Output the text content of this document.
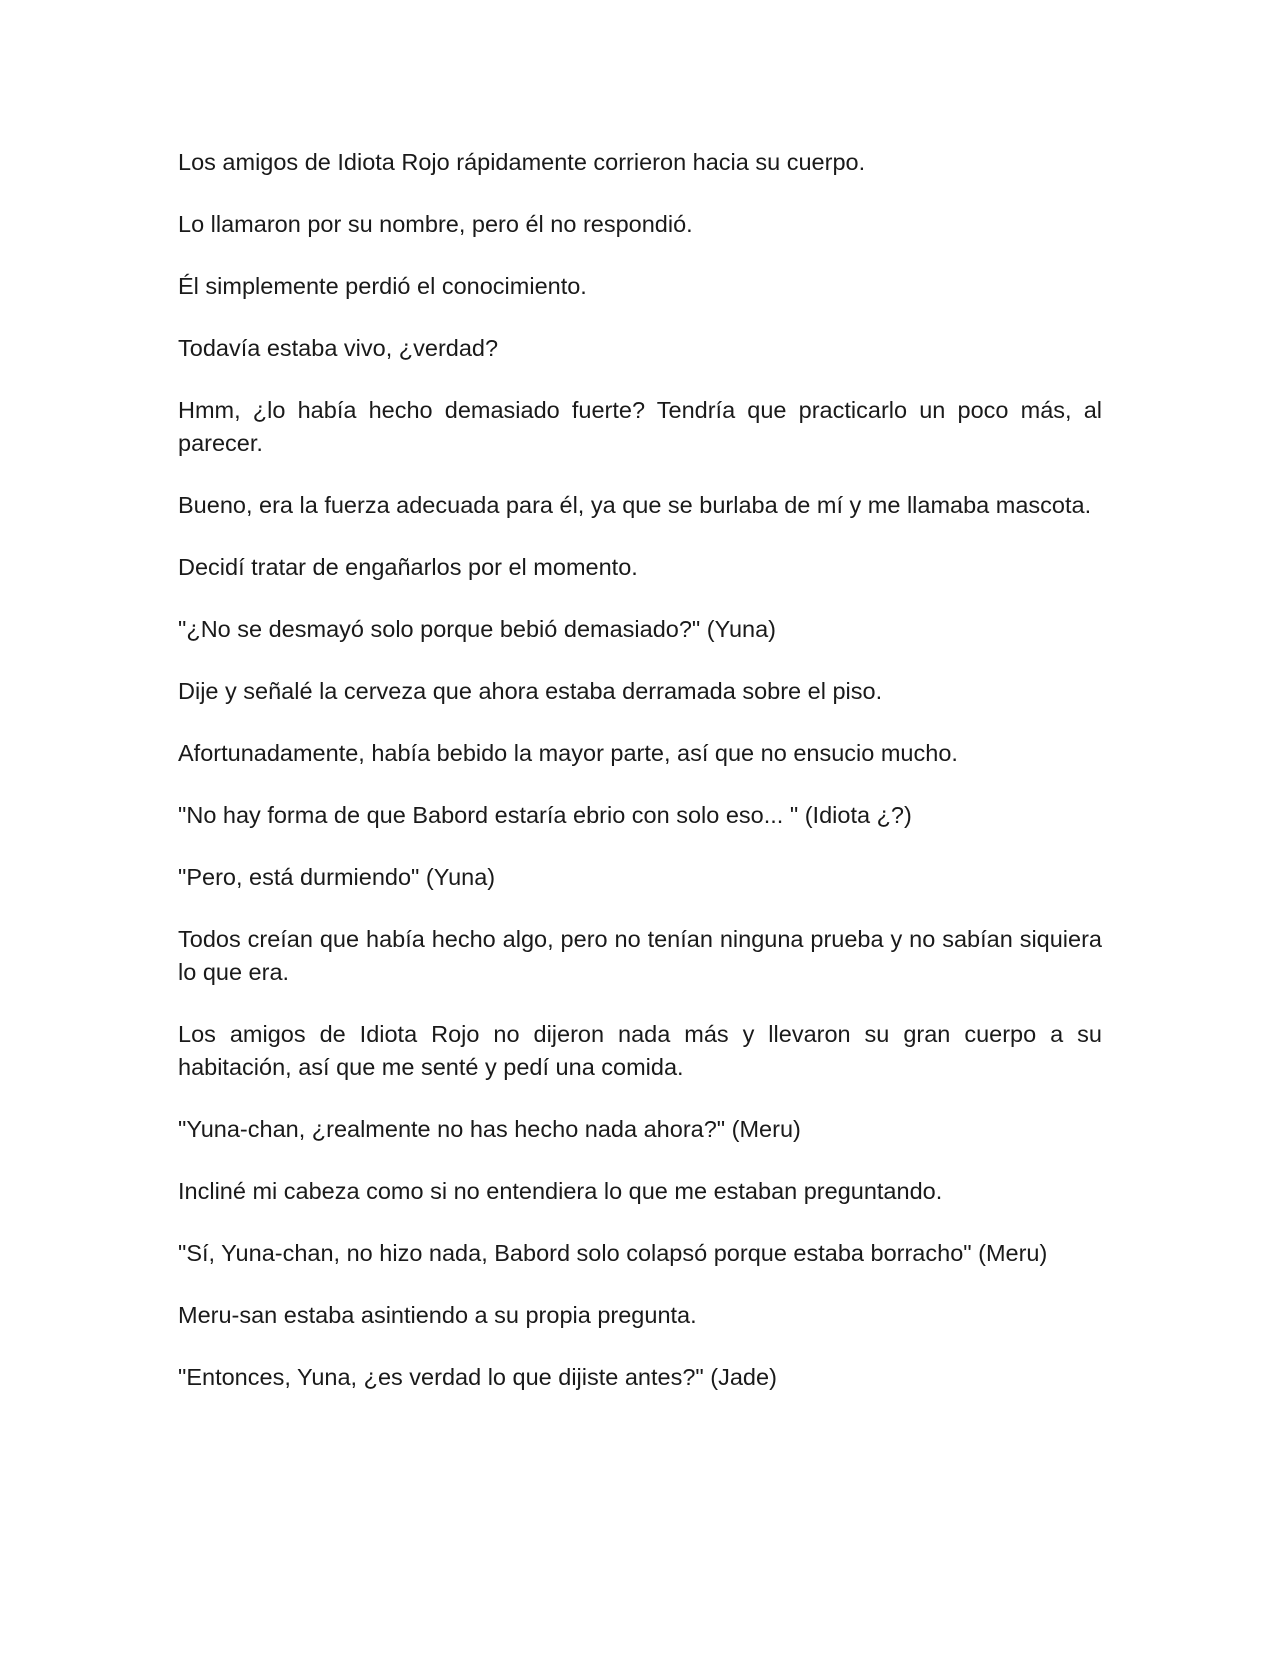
Los amigos de Idiota Rojo rápidamente corrieron hacia su cuerpo.

Lo llamaron por su nombre, pero él no respondió.

Él simplemente perdió el conocimiento.

Todavía estaba vivo, ¿verdad?

Hmm, ¿lo había hecho demasiado fuerte? Tendría que practicarlo un poco más, al parecer.

Bueno, era la fuerza adecuada para él, ya que se burlaba de mí y me llamaba mascota.

Decidí tratar de engañarlos por el momento.

"¿No se desmayó solo porque bebió demasiado?" (Yuna)

Dije y señalé la cerveza que ahora estaba derramada sobre el piso.

Afortunadamente, había bebido la mayor parte, así que no ensucio mucho.

"No hay forma de que Babord estaría ebrio con solo eso... " (Idiota ¿?)

"Pero, está durmiendo" (Yuna)

Todos creían que había hecho algo, pero no tenían ninguna prueba y no sabían siquiera lo que era.

Los amigos de Idiota Rojo no dijeron nada más y llevaron su gran cuerpo a su habitación, así que me senté y pedí una comida.

"Yuna-chan, ¿realmente no has hecho nada ahora?" (Meru)

Incliné mi cabeza como si no entendiera lo que me estaban preguntando.

"Sí, Yuna-chan, no hizo nada, Babord solo colapsó porque estaba borracho" (Meru)

Meru-san estaba asintiendo a su propia pregunta.

"Entonces, Yuna, ¿es verdad lo que dijiste antes?" (Jade)
